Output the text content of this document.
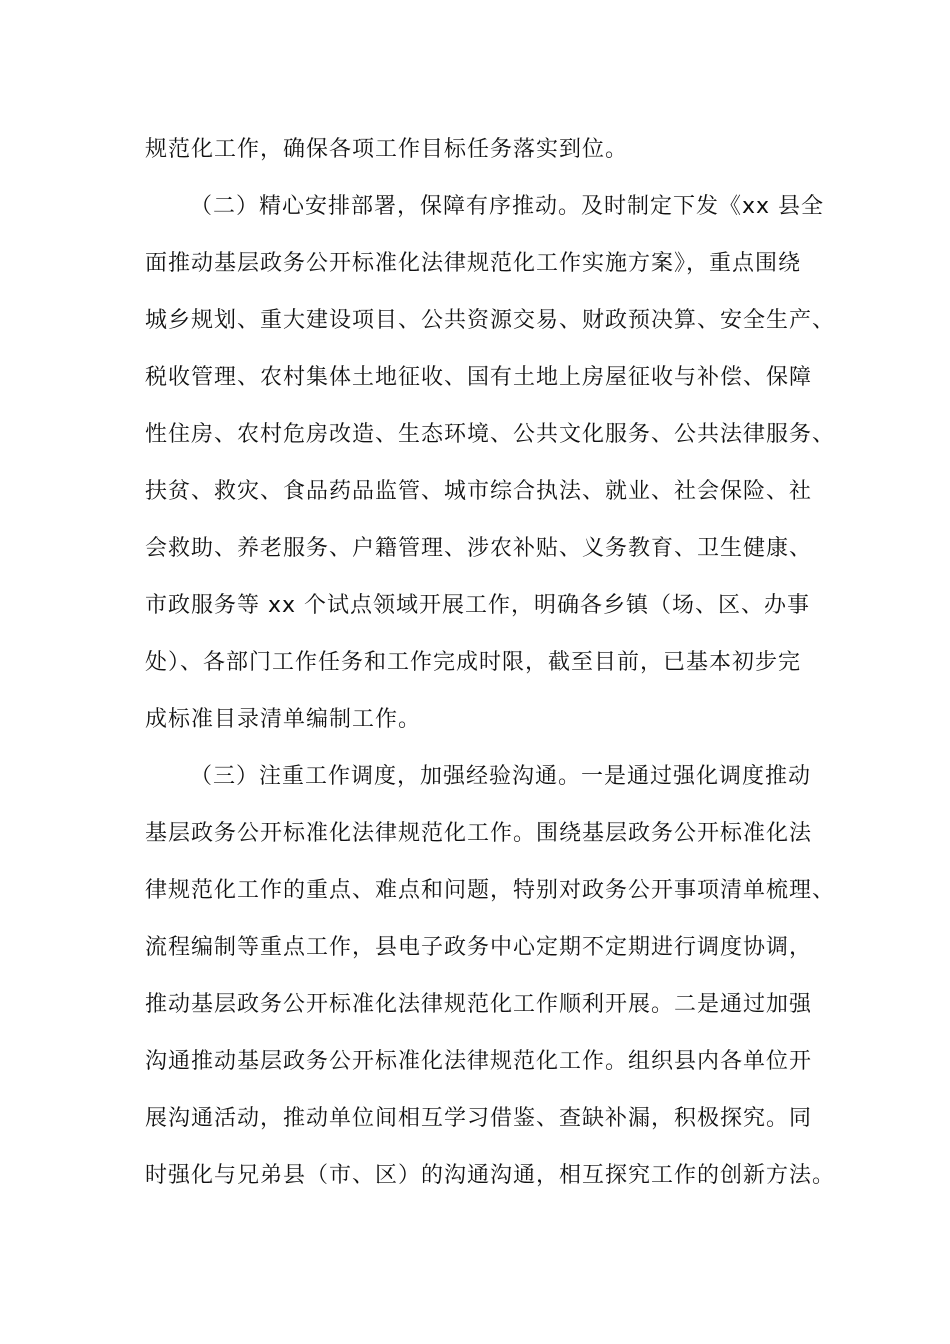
规范化工作，确保各项工作目标任务落实到位。
（二）精心安排部署，保障有序推动。及时制定下发《xx 县全
面推动基层政务公开标准化法律规范化工作实施方案》，重点围绕
城乡规划、重大建设项目、公共资源交易、财政预决算、安全生产、
税收管理、农村集体土地征收、国有土地上房屋征收与补偿、保障
性住房、农村危房改造、生态环境、公共文化服务、公共法律服务、
扶贫、救灾、食品药品监管、城市综合执法、就业、社会保险、社
会救助、养老服务、户籍管理、涉农补贴、义务教育、卫生健康、
市政服务等 xx 个试点领域开展工作，明确各乡镇（场、区、办事
处）、各部门工作任务和工作完成时限，截至目前，已基本初步完
成标准目录清单编制工作。
（三）注重工作调度，加强经验沟通。一是通过强化调度推动
基层政务公开标准化法律规范化工作。围绕基层政务公开标准化法
律规范化工作的重点、难点和问题，特别对政务公开事项清单梳理、
流程编制等重点工作，县电子政务中心定期不定期进行调度协调，
推动基层政务公开标准化法律规范化工作顺利开展。二是通过加强
沟通推动基层政务公开标准化法律规范化工作。组织县内各单位开
展沟通活动，推动单位间相互学习借鉴、查缺补漏，积极探究。同
时强化与兄弟县（市、区）的沟通沟通，相互探究工作的创新方法。
